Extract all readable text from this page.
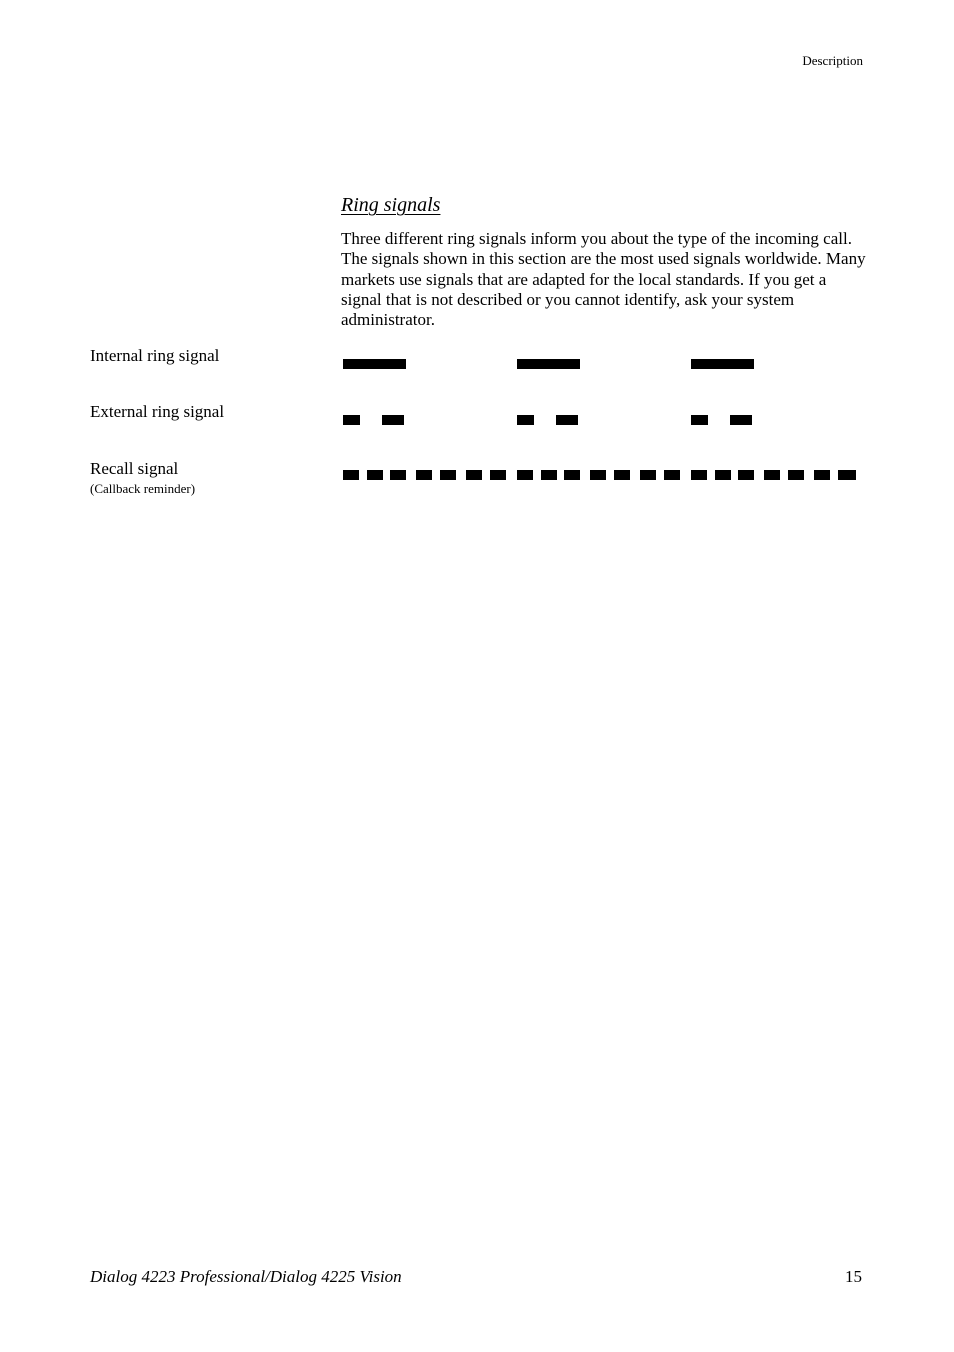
Description
Ring signals

Three different ring signals inform you about the type of the incoming call. The signals shown in this section are the most used signals worldwide. Many markets use signals that are adapted for the local standards. If you get a signal that is not described or you cannot identify, ask your system administrator.

Internal ring signal
External ring signal
Recall signal
(Callback reminder)
Dialog 4223 Professional/Dialog 4225 Vision	15
